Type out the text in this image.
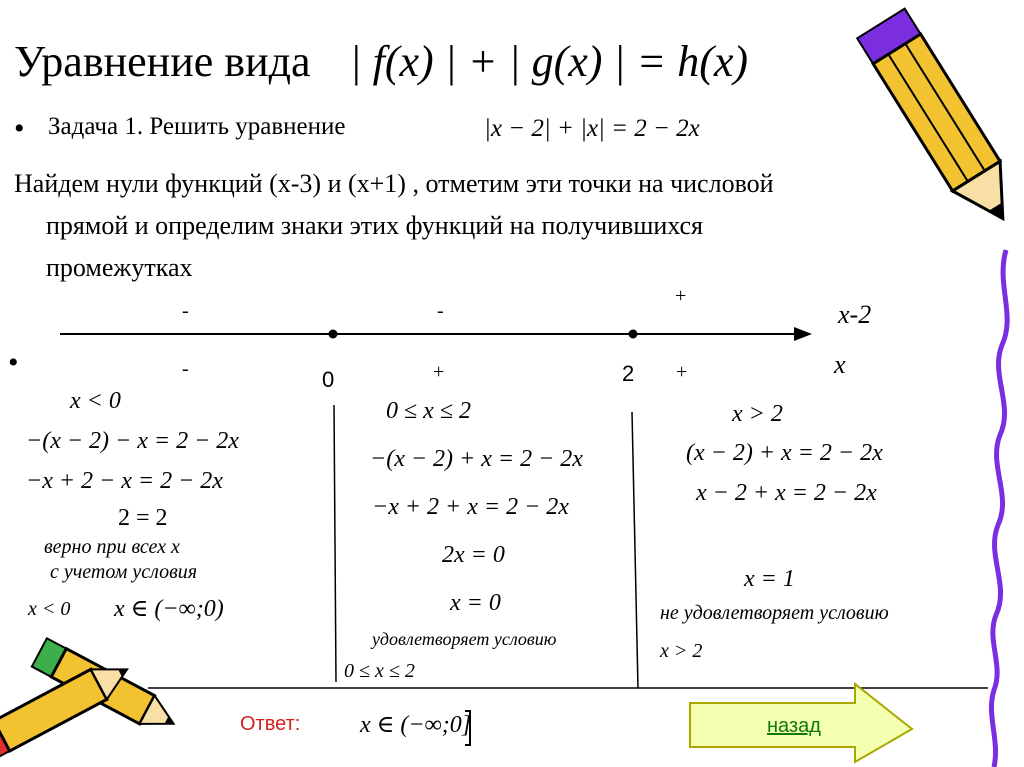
Уравнение вида | f(x) | + | g(x) | = h(x)
• Задача 1. Решить уравнение	|x − 2| + |x| = 2 − 2x
Найдем нули функций (x-3) и (x+1) , отметим эти точки на числовой
прямой и определим знаки этих функций на получившихся
промежутках
-	-
+
x-2
•	-	+	+	x
0	2
x < 0
−(x − 2) − x = 2 − 2x
−x + 2 − x = 2 − 2x
2 = 2
верно при всех x
с учетом условия
x < 0 x ∈ (−∞;0)
0 ≤ x ≤ 2
−(x − 2) + x = 2 − 2x
−x + 2 + x = 2 − 2x
2x = 0
x = 0
удовлетворяет условию
0 ≤ x ≤ 2
x > 2
(x − 2) + x = 2 − 2x
x − 2 + x = 2 − 2x
x = 1
не удовлетворяет условию
x > 2
Ответ: x ∈ (−∞;0]	назад
